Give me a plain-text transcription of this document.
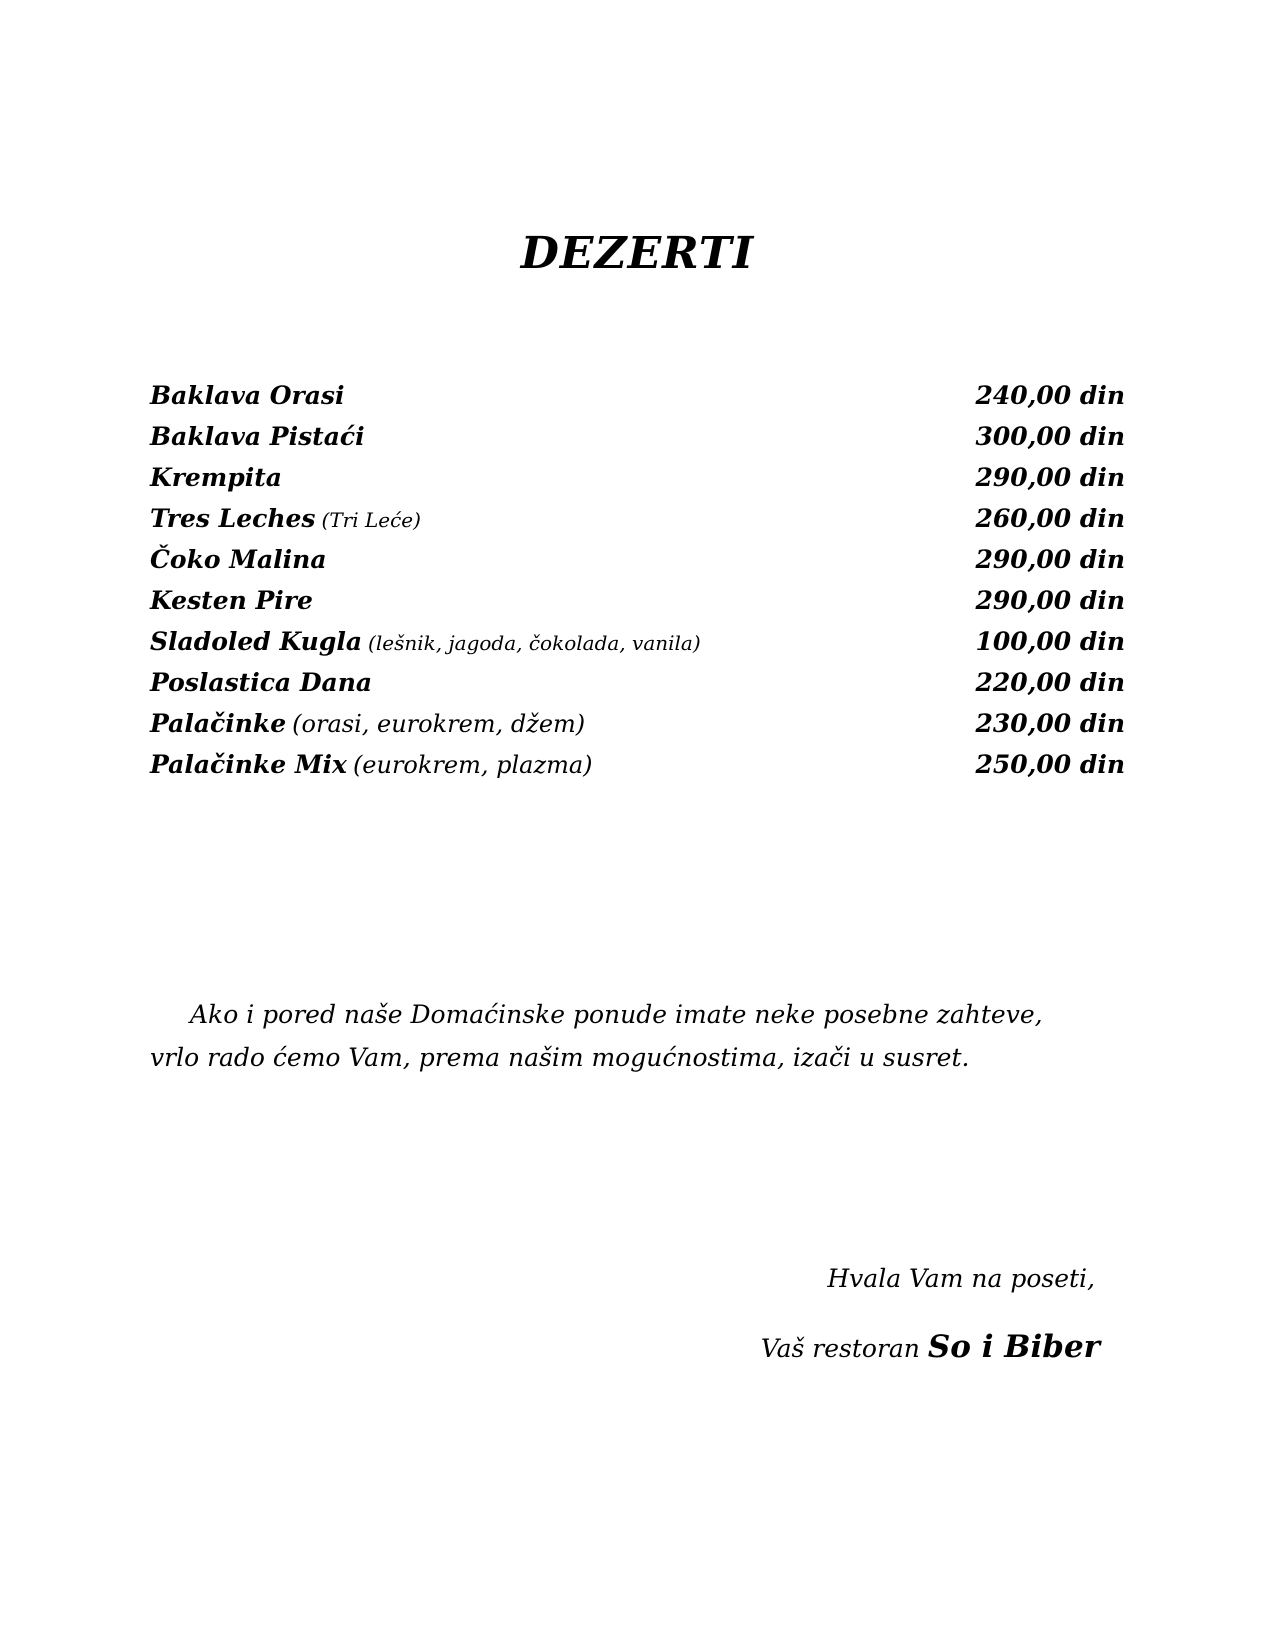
DEZERTI
Baklava Orasi	240,00 din
Baklava Pistaći	300,00 din
Krempita	290,00 din
Tres Leches (Tri Leće)	260,00 din
Čoko Malina	290,00 din
Kesten Pire	290,00 din
Sladoled Kugla (lešnik, jagoda, čokolada, vanila)	100,00 din
Poslastica Dana	220,00 din
Palačinke (orasi, eurokrem, džem)	230,00 din
Palačinke Mix (eurokrem, plazma)	250,00 din

Ako i pored naše Domaćinske ponude imate neke posebne zahteve, vrlo rado ćemo Vam, prema našim mogućnostima, izači u susret.

Hvala Vam na poseti,

Vaš restoran So i Biber
